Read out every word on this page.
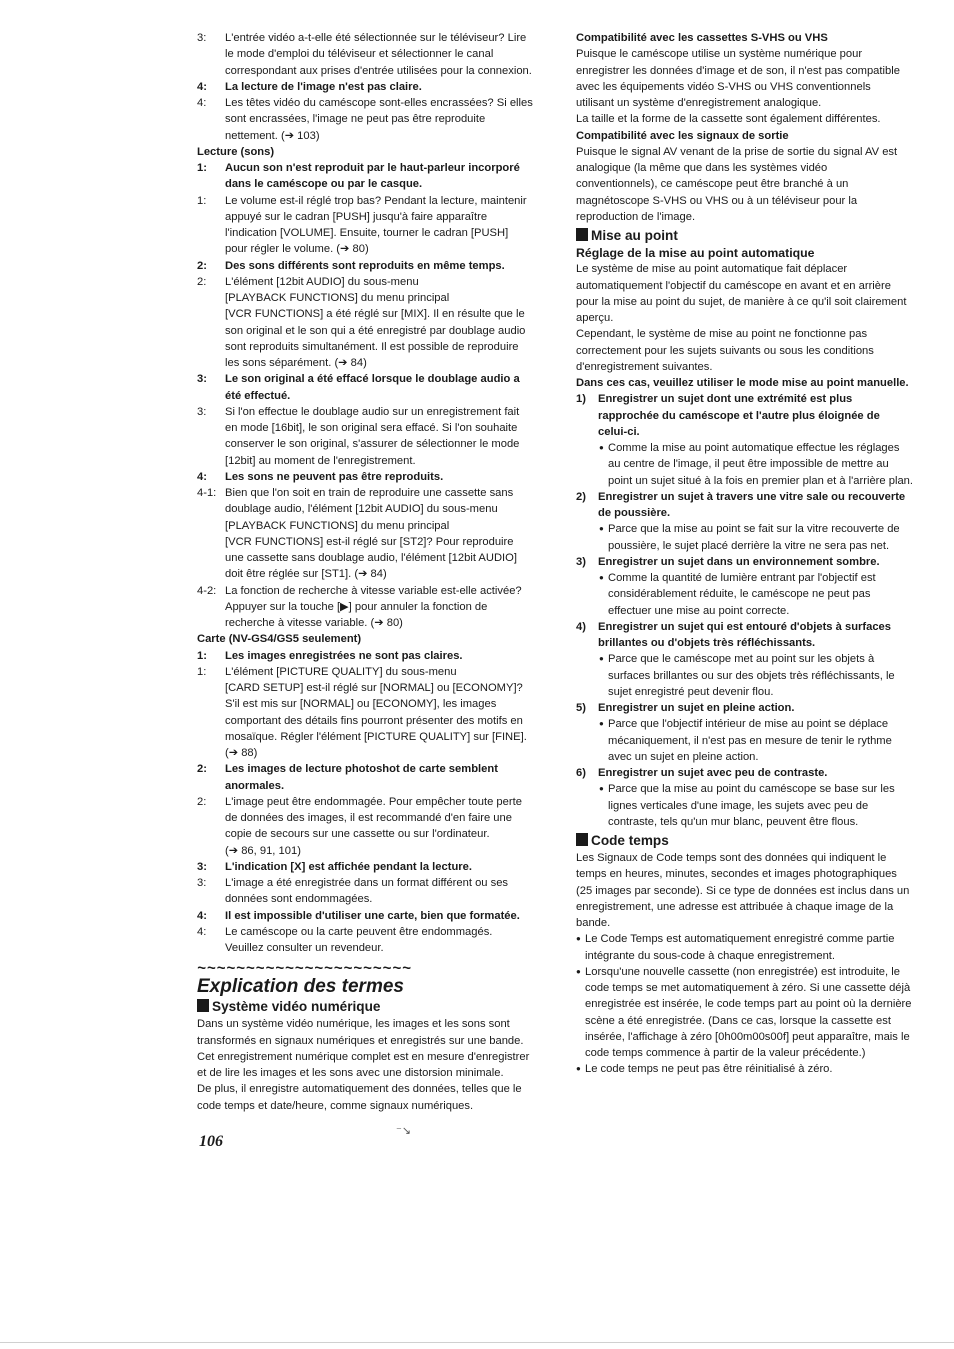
3: L'entrée vidéo a-t-elle été sélectionnée sur le téléviseur? Lire
le mode d'emploi du téléviseur et sélectionner le canal
correspondant aux prises d'entrée utilisées pour la connexion.
4: La lecture de l'image n'est pas claire.
4: Les têtes vidéo du caméscope sont-elles encrassées? Si elles
sont encrassées, l'image ne peut pas être reproduite
nettement. (➔ 103)
Lecture (sons)
1: Aucun son n'est reproduit par le haut-parleur incorporé
dans le caméscope ou par le casque.
1: Le volume est-il réglé trop bas? Pendant la lecture, maintenir
appuyé sur le cadran [PUSH] jusqu'à faire apparaître
l'indication [VOLUME]. Ensuite, tourner le cadran [PUSH]
pour régler le volume. (➔ 80)
2: Des sons différents sont reproduits en même temps.
2: L'élément [12bit AUDIO] du sous-menu
[PLAYBACK FUNCTIONS] du menu principal
[VCR FUNCTIONS] a été réglé sur [MIX]. Il en résulte que le
son original et le son qui a été enregistré par doublage audio
sont reproduits simultanément. Il est possible de reproduire
les sons séparément. (➔ 84)
3: Le son original a été effacé lorsque le doublage audio a
été effectué.
3: Si l'on effectue le doublage audio sur un enregistrement fait
en mode [16bit], le son original sera effacé. Si l'on souhaite
conserver le son original, s'assurer de sélectionner le mode
[12bit] au moment de l'enregistrement.
4: Les sons ne peuvent pas être reproduits.
4-1: Bien que l'on soit en train de reproduire une cassette sans
doublage audio, l'élément [12bit AUDIO] du sous-menu
[PLAYBACK FUNCTIONS] du menu principal
[VCR FUNCTIONS] est-il réglé sur [ST2]? Pour reproduire
une cassette sans doublage audio, l'élément [12bit AUDIO]
doit être réglée sur [ST1]. (➔ 84)
4-2: La fonction de recherche à vitesse variable est-elle activée?
Appuyer sur la touche [▶] pour annuler la fonction de
recherche à vitesse variable. (➔ 80)
Carte (NV-GS4/GS5 seulement)
1: Les images enregistrées ne sont pas claires.
1: L'élément [PICTURE QUALITY] du sous-menu
[CARD SETUP] est-il réglé sur [NORMAL] ou [ECONOMY]?
S'il est mis sur [NORMAL] ou [ECONOMY], les images
comportant des détails fins pourront présenter des motifs en
mosaïque. Régler l'élément [PICTURE QUALITY] sur [FINE].
(➔ 88)
2: Les images de lecture photoshot de carte semblent
anormales.
2: L'image peut être endommagée. Pour empêcher toute perte
de données des images, il est recommandé d'en faire une
copie de secours sur une cassette ou sur l'ordinateur.
(➔ 86, 91, 101)
3: L'indication [X] est affichée pendant la lecture.
3: L'image a été enregistrée dans un format différent ou ses
données sont endommagées.
4: Il est impossible d'utiliser une carte, bien que formatée.
4: Le caméscope ou la carte peuvent être endommagés.
Veuillez consulter un revendeur.
~~~~~~~~~~~~~~~~~~~~~~
Explication des termes
Système vidéo numérique
Dans un système vidéo numérique, les images et les sons sont
transformés en signaux numériques et enregistrés sur une bande.
Cet enregistrement numérique complet est en mesure d'enregistrer
et de lire les images et les sons avec une distorsion minimale.
De plus, il enregistre automatiquement des données, telles que le
code temps et date/heure, comme signaux numériques.
Compatibilité avec les cassettes S-VHS ou VHS
Puisque le caméscope utilise un système numérique pour
enregistrer les données d'image et de son, il n'est pas compatible
avec les équipements vidéo S-VHS ou VHS conventionnels
utilisant un système d'enregistrement analogique.
La taille et la forme de la cassette sont également différentes.
Compatibilité avec les signaux de sortie
Puisque le signal AV venant de la prise de sortie du signal AV est
analogique (la même que dans les systèmes vidéo
conventionnels), ce caméscope peut être branché à un
magnétoscope S-VHS ou VHS ou à un téléviseur pour la
reproduction de l'image.
Mise au point
Réglage de la mise au point automatique
Le système de mise au point automatique fait déplacer
automatiquement l'objectif du caméscope en avant et en arrière
pour la mise au point du sujet, de manière à ce qu'il soit clairement
aperçu.
Cependant, le système de mise au point ne fonctionne pas
correctement pour les sujets suivants ou sous les conditions
d'enregistrement suivantes.
Dans ces cas, veuillez utiliser le mode mise au point manuelle.
1) Enregistrer un sujet dont une extrémité est plus
rapprochée du caméscope et l'autre plus éloignée de
celui-ci.
● Comme la mise au point automatique effectue les réglages
au centre de l'image, il peut être impossible de mettre au
point un sujet situé à la fois en premier plan et à l'arrière plan.
2) Enregistrer un sujet à travers une vitre sale ou recouverte
de poussière.
● Parce que la mise au point se fait sur la vitre recouverte de
poussière, le sujet placé derrière la vitre ne sera pas net.
3) Enregistrer un sujet dans un environnement sombre.
● Comme la quantité de lumière entrant par l'objectif est
considérablement réduite, le caméscope ne peut pas
effectuer une mise au point correcte.
4) Enregistrer un sujet qui est entouré d'objets à surfaces
brillantes ou d'objets très réfléchissants.
● Parce que le caméscope met au point sur les objets à
surfaces brillantes ou sur des objets très réfléchissants, le
sujet enregistré peut devenir flou.
5) Enregistrer un sujet en pleine action.
● Parce que l'objectif intérieur de mise au point se déplace
mécaniquement, il n'est pas en mesure de tenir le rythme
avec un sujet en pleine action.
6) Enregistrer un sujet avec peu de contraste.
● Parce que la mise au point du caméscope se base sur les
lignes verticales d'une image, les sujets avec peu de
contraste, tels qu'un mur blanc, peuvent être flous.
Code temps
Les Signaux de Code temps sont des données qui indiquent le
temps en heures, minutes, secondes et images photographiques
(25 images par seconde). Si ce type de données est inclus dans un
enregistrement, une adresse est attribuée à chaque image de la
bande.
● Le Code Temps est automatiquement enregistré comme partie
intégrante du sous-code à chaque enregistrement.
● Lorsqu'une nouvelle cassette (non enregistrée) est introduite, le
code temps se met automatiquement à zéro. Si une cassette déjà
enregistrée est insérée, le code temps part au point où la dernière
scène a été enregistrée. (Dans ce cas, lorsque la cassette est
insérée, l'affichage à zéro [0h00m00s00f] peut apparaître, mais le
code temps commence à partir de la valeur précédente.)
● Le code temps ne peut pas être réinitialisé à zéro.
106
⁻↘
